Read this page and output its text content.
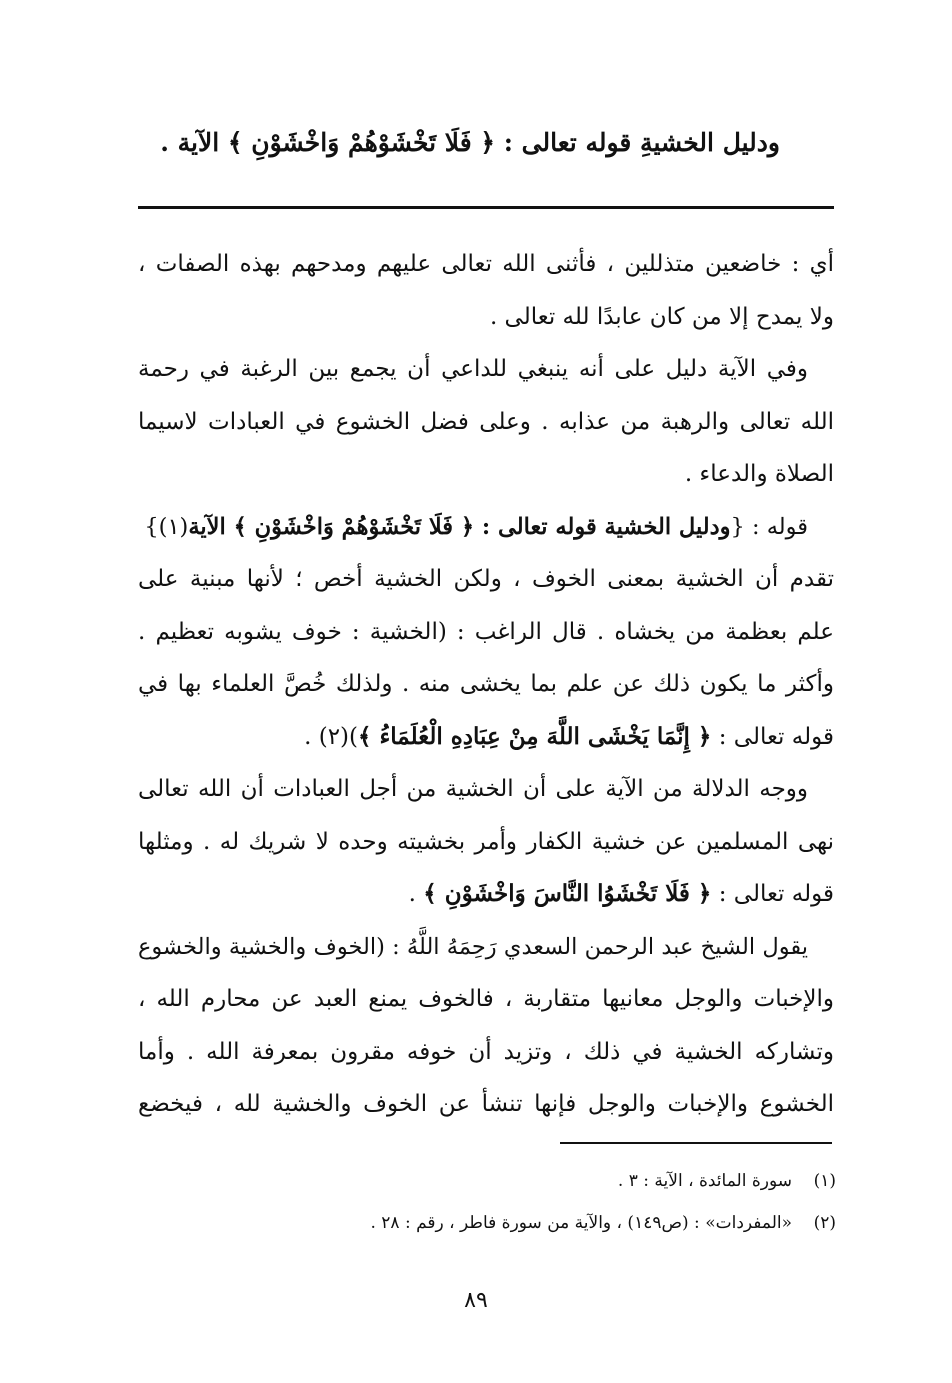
ودليل الخشيةِ قوله تعالى : ﴿ فَلَا تَخْشَوْهُمْ وَاخْشَوْنِ ﴾ الآية .

أي : خاضعين متذللين ، فأثنى الله تعالى عليهم ومدحهم بهذه الصفات ،
ولا يمدح إلا من كان عابدًا لله تعالى .

وفي الآية دليل على أنه ينبغي للداعي أن يجمع بين الرغبة في رحمة
الله تعالى والرهبة من عذابه . وعلى فضل الخشوع في العبادات لاسيما
الصلاة والدعاء .

قوله : {ودليل الخشية قوله تعالى : ﴿ فَلَا تَخْشَوْهُمْ وَاخْشَوْنِ ﴾ الآية(١)}
تقدم أن الخشية بمعنى الخوف ، ولكن الخشية أخص ؛ لأنها مبنية على
علم بعظمة من يخشاه . قال الراغب : (الخشية : خوف يشوبه تعظيم .
وأكثر ما يكون ذلك عن علم بما يخشى منه . ولذلك خُصَّ العلماء بها في
قوله تعالى : ﴿ إِنَّمَا يَخْشَى اللَّهَ مِنْ عِبَادِهِ الْعُلَمَاءُ ﴾)(٢) .

ووجه الدلالة من الآية على أن الخشية من أجل العبادات أن الله تعالى
نهى المسلمين عن خشية الكفار وأمر بخشيته وحده لا شريك له . ومثلها
قوله تعالى : ﴿ فَلَا تَخْشَوُا النَّاسَ وَاخْشَوْنِ ﴾ .

يقول الشيخ عبد الرحمن السعدي رَحِمَهُ اللَّهُ : (الخوف والخشية والخشوع
والإخبات والوجل معانيها متقاربة ، فالخوف يمنع العبد عن محارم الله ،
وتشاركه الخشية في ذلك ، وتزيد أن خوفه مقرون بمعرفة الله . وأما
الخشوع والإخبات والوجل فإنها تنشأ عن الخوف والخشية لله ، فيخضع

(١)سورة المائدة ، الآية : ٣ .
(٢)«المفردات» : (ص١٤٩) ، والآية من سورة فاطر ، رقم : ٢٨ .
٨٩
